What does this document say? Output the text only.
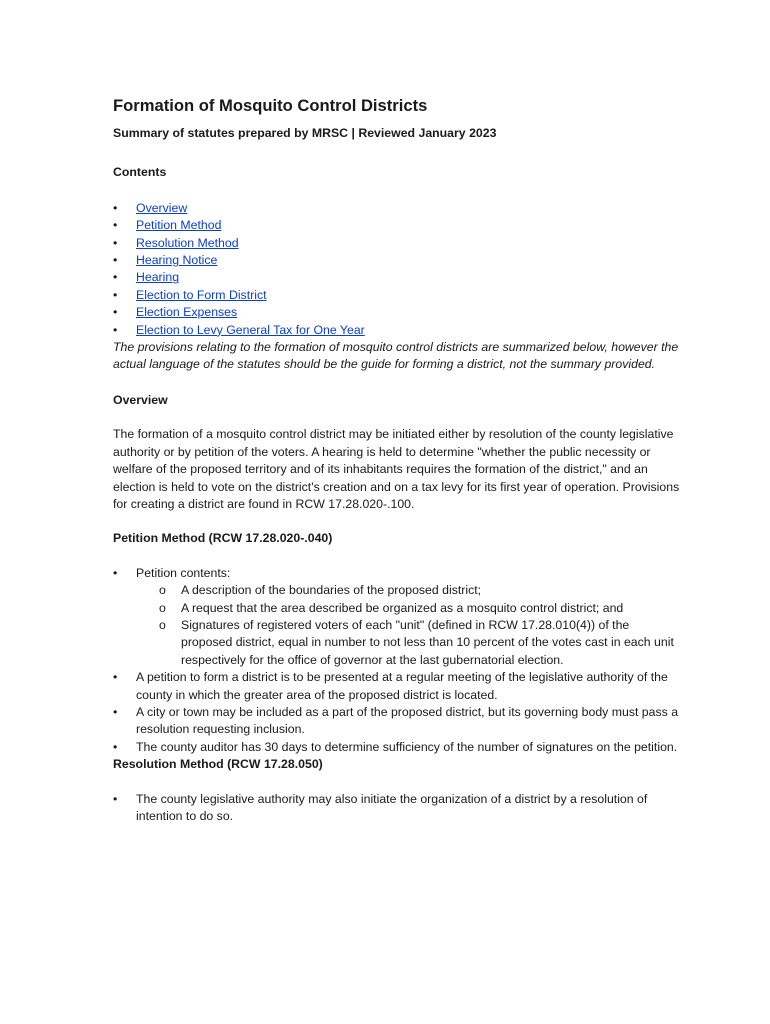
Formation of Mosquito Control Districts
Summary of statutes prepared by MRSC | Reviewed January 2023
Contents
• Overview
• Petition Method
• Resolution Method
• Hearing Notice
• Hearing
• Election to Form District
• Election Expenses
• Election to Levy General Tax for One Year

The provisions relating to the formation of mosquito control districts are summarized below, however the actual language of the statutes should be the guide for forming a district, not the summary provided.

Overview

The formation of a mosquito control district may be initiated either by resolution of the county legislative authority or by petition of the voters. A hearing is held to determine "whether the public necessity or welfare of the proposed territory and of its inhabitants requires the formation of the district," and an election is held to vote on the district's creation and on a tax levy for its first year of operation. Provisions for creating a district are found in RCW 17.28.020-.100.

Petition Method (RCW 17.28.020-.040)
• Petition contents:
o A description of the boundaries of the proposed district;
o A request that the area described be organized as a mosquito control district; and
o Signatures of registered voters of each "unit" (defined in RCW 17.28.010(4)) of the proposed district, equal in number to not less than 10 percent of the votes cast in each unit respectively for the office of governor at the last gubernatorial election.
• A petition to form a district is to be presented at a regular meeting of the legislative authority of the county in which the greater area of the proposed district is located.
• A city or town may be included as a part of the proposed district, but its governing body must pass a resolution requesting inclusion.
• The county auditor has 30 days to determine sufficiency of the number of signatures on the petition.
Resolution Method (RCW 17.28.050)
• The county legislative authority may also initiate the organization of a district by a resolution of intention to do so.
